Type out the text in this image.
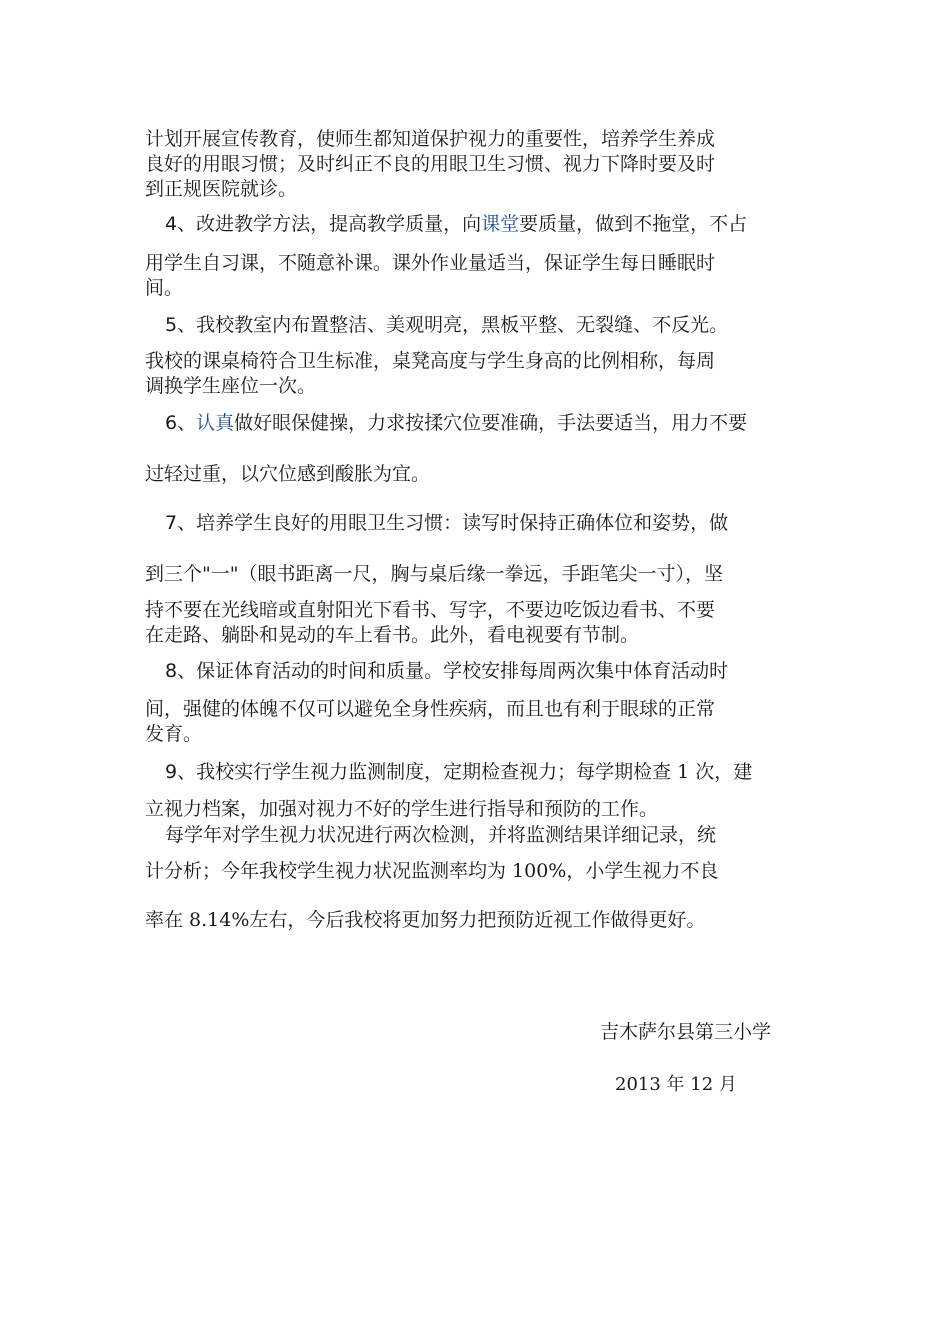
计划开展宣传教育，使师生都知道保护视力的重要性，培养学生养成
良好的用眼习惯；及时纠正不良的用眼卫生习惯、视力下降时要及时
到正规医院就诊。
4、改进教学方法，提高教学质量，向课堂要质量，做到不拖堂，不占
用学生自习课，不随意补课。课外作业量适当，保证学生每日睡眠时
间。
5、我校教室内布置整洁、美观明亮，黑板平整、无裂缝、不反光。
我校的课桌椅符合卫生标准，桌凳高度与学生身高的比例相称，每周
调换学生座位一次。
6、认真做好眼保健操，力求按揉穴位要准确，手法要适当，用力不要
过轻过重，以穴位感到酸胀为宜。
7、培养学生良好的用眼卫生习惯：读写时保持正确体位和姿势，做
到三个"一"（眼书距离一尺，胸与桌后缘一拳远，手距笔尖一寸），坚
持不要在光线暗或直射阳光下看书、写字，不要边吃饭边看书、不要
在走路、躺卧和晃动的车上看书。此外，看电视要有节制。
8、保证体育活动的时间和质量。学校安排每周两次集中体育活动时
间，强健的体魄不仅可以避免全身性疾病，而且也有利于眼球的正常
发育。
9、我校实行学生视力监测制度，定期检查视力；每学期检查 1 次，建
立视力档案，加强对视力不好的学生进行指导和预防的工作。
每学年对学生视力状况进行两次检测，并将监测结果详细记录，统
计分析；今年我校学生视力状况监测率均为 100%，小学生视力不良
率在 8.14%左右，今后我校将更加努力把预防近视工作做得更好。
吉木萨尔县第三小学
2013 年 12 月
